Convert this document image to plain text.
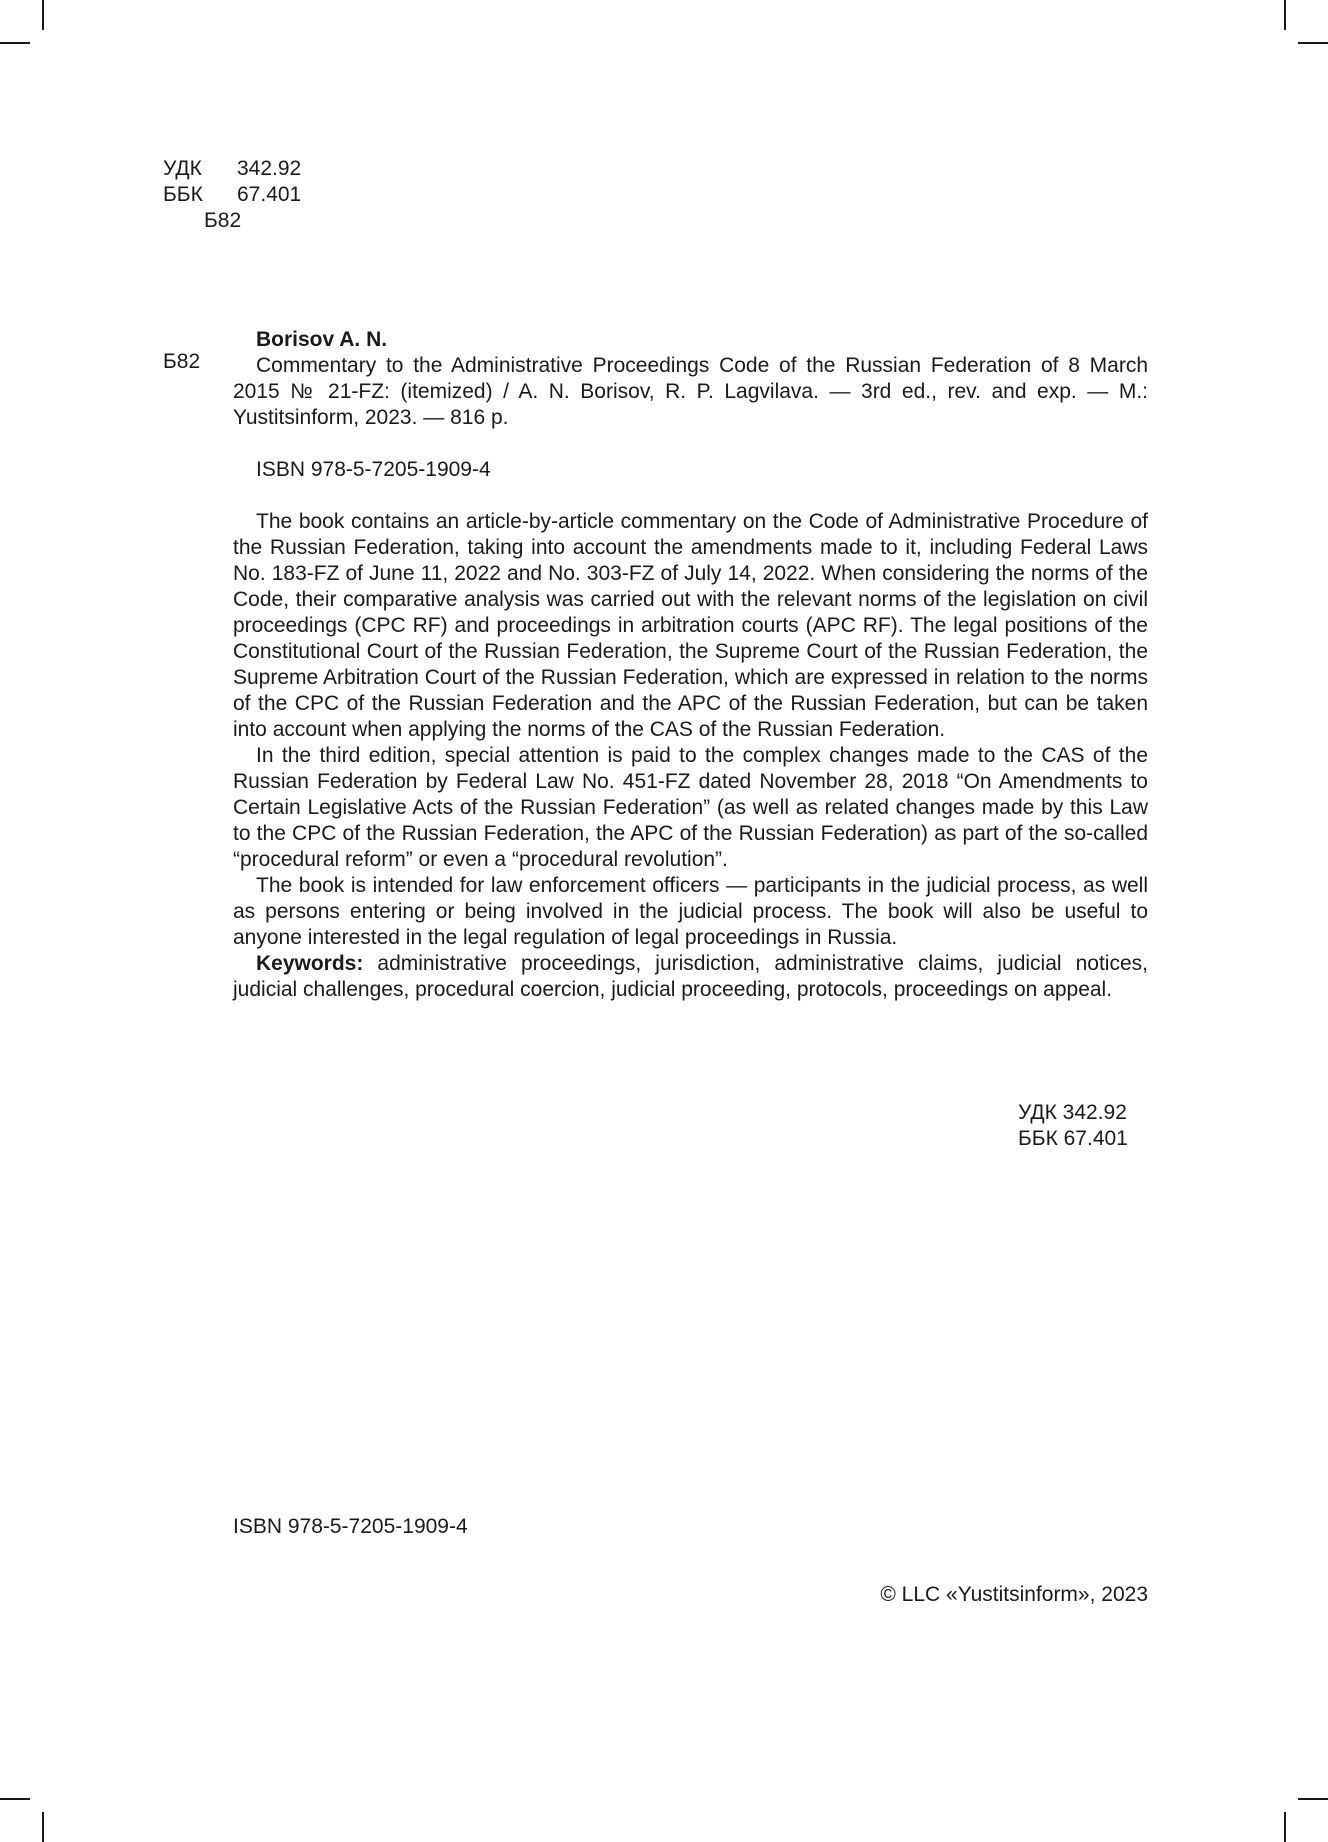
УДК 342.92
ББК 67.401
Б82
Б82

Borisov A. N.

Commentary to the Administrative Proceedings Code of the Russian Federation of 8 March 2015 № 21-FZ: (itemized) / A. N. Borisov, R. P. Lagvilava. — 3rd ed., rev. and exp. — M.: Yustitsinform, 2023. — 816 p.

ISBN 978-5-7205-1909-4

The book contains an article-by-article commentary on the Code of Administrative Procedure of the Russian Federation, taking into account the amendments made to it, including Federal Laws No. 183-FZ of June 11, 2022 and No. 303-FZ of July 14, 2022. When considering the norms of the Code, their comparative analysis was carried out with the relevant norms of the legislation on civil proceedings (CPC RF) and proceedings in arbitration courts (APC RF). The legal positions of the Constitutional Court of the Russian Federation, the Supreme Court of the Russian Federation, the Supreme Arbitration Court of the Russian Federation, which are expressed in relation to the norms of the CPC of the Russian Federation and the APC of the Russian Federation, but can be taken into account when applying the norms of the CAS of the Russian Federation.

In the third edition, special attention is paid to the complex changes made to the CAS of the Russian Federation by Federal Law No. 451-FZ dated November 28, 2018 “On Amendments to Certain Legislative Acts of the Russian Federation” (as well as related changes made by this Law to the CPC of the Russian Federation, the APC of the Russian Federation) as part of the so-called “procedural reform” or even a “procedural revolution”.

The book is intended for law enforcement officers — participants in the judicial process, as well as persons entering or being involved in the judicial process. The book will also be useful to anyone interested in the legal regulation of legal proceedings in Russia.

Keywords: administrative proceedings, jurisdiction, administrative claims, judicial notices, judicial challenges, procedural coercion, judicial proceeding, protocols, proceedings on appeal.

УДК 342.92
ББК 67.401
ISBN 978-5-7205-1909-4
© LLC «Yustitsinform», 2023
